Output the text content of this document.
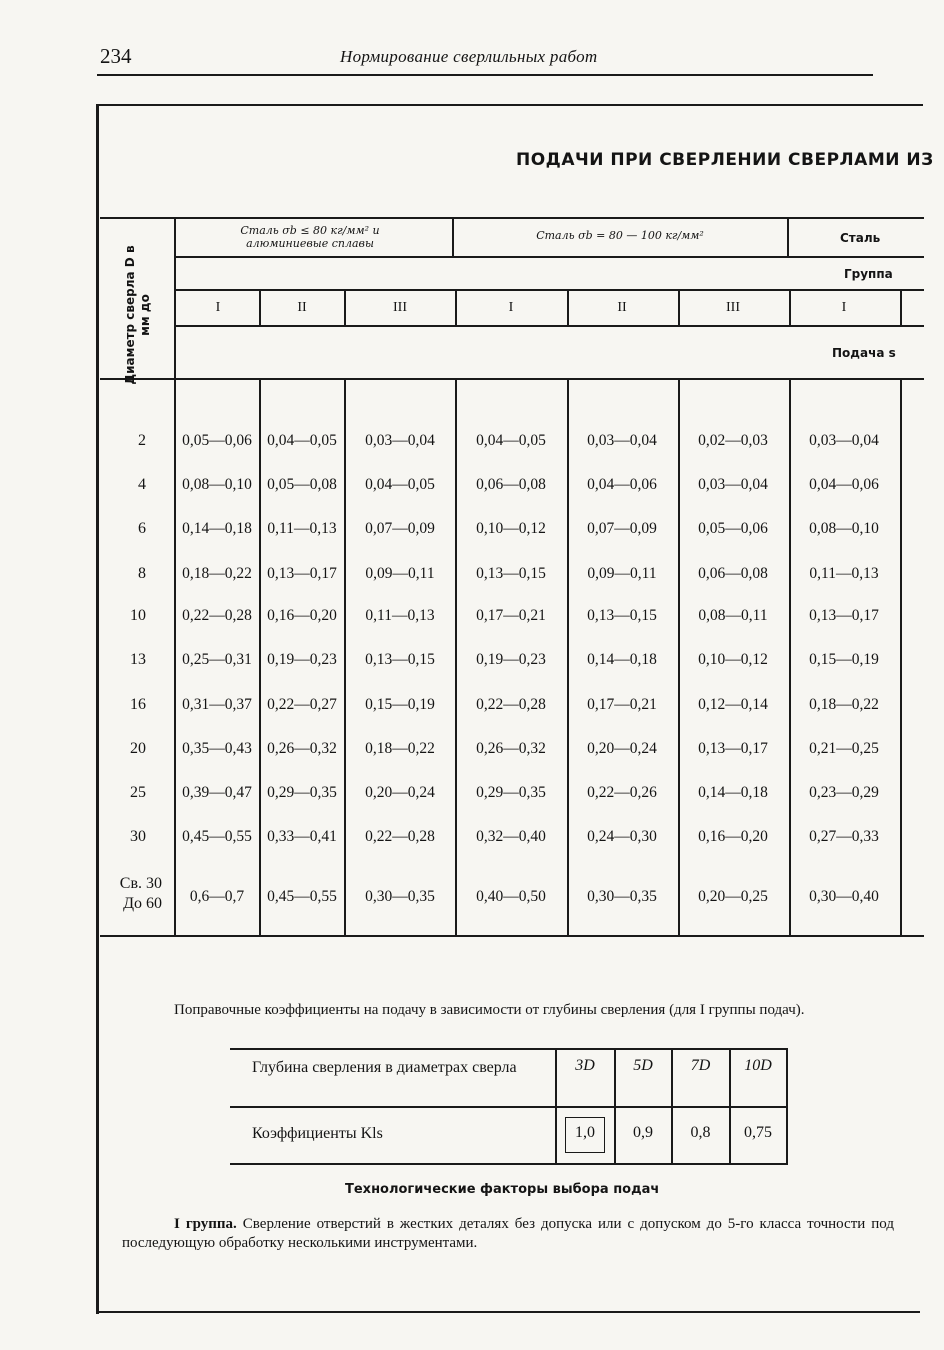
234	Нормирование сверлильных работ
ПОДАЧИ ПРИ СВЕРЛЕНИИ СВЕРЛАМИ ИЗ
Диаметр сверла D в мм до
Сталь σb ≤ 80 кг/мм² и алюминиевые сплавы
Сталь σb = 80 — 100 кг/мм²	Сталь
Группа
Подача s
I	II	III	I	II	III	I
2	0,05—0,06 0,04—0,05	0,03—0,04	0,04—0,05	0,03—0,04	0,02—0,03	0,03—0,04
4	0,08—0,10 0,05—0,08	0,04—0,05	0,06—0,08	0,04—0,06	0,03—0,04	0,04—0,06
6	0,14—0,18	0,11—0,13	0,07—0,09	0,10—0,12	0,07—0,09	0,05—0,06	0,08—0,10
8	0,18—0,22 0,13—0,17	0,09—0,11	0,13—0,15	0,09—0,11	0,06—0,08	0,11—0,13
10	0,22—0,28 0,16—0,20	0,11—0,13	0,17—0,21	0,13—0,15	0,08—0,11	0,13—0,17
13	0,25—0,31 0,19—0,23	0,13—0,15	0,19—0,23	0,14—0,18	0,10—0,12	0,15—0,19
16	0,31—0,37 0,22—0,27	0,15—0,19	0,22—0,28	0,17—0,21	0,12—0,14	0,18—0,22
20	0,35—0,43 0,26—0,32	0,18—0,22	0,26—0,32	0,20—0,24	0,13—0,17	0,21—0,25
25	0,39—0,47 0,29—0,35	0,20—0,24	0,29—0,35	0,22—0,26	0,14—0,18	0,23—0,29
30	0,45—0,55 0,33—0,41	0,22—0,28	0,32—0,40	0,24—0,30	0,16—0,20	0,27—0,33
Св. 30
До 60	0,6—0,7	0,45—0,55	0,30—0,35	0,40—0,50	0,30—0,35	0,20—0,25	0,30—0,40
Поправочные коэффициенты на подачу в зависимости от глубины сверления (для I группы подач).
Глубина сверления в диаметрах сверла
Коэффициенты Kls
3D	5D	7D	10D
1,0	0,9	0,8	0,75
Технологические факторы выбора подач
I группа. Сверление отверстий в жестких деталях без допуска или с допуском до 5-го класса точности под последующую обработку несколькими инструментами.
